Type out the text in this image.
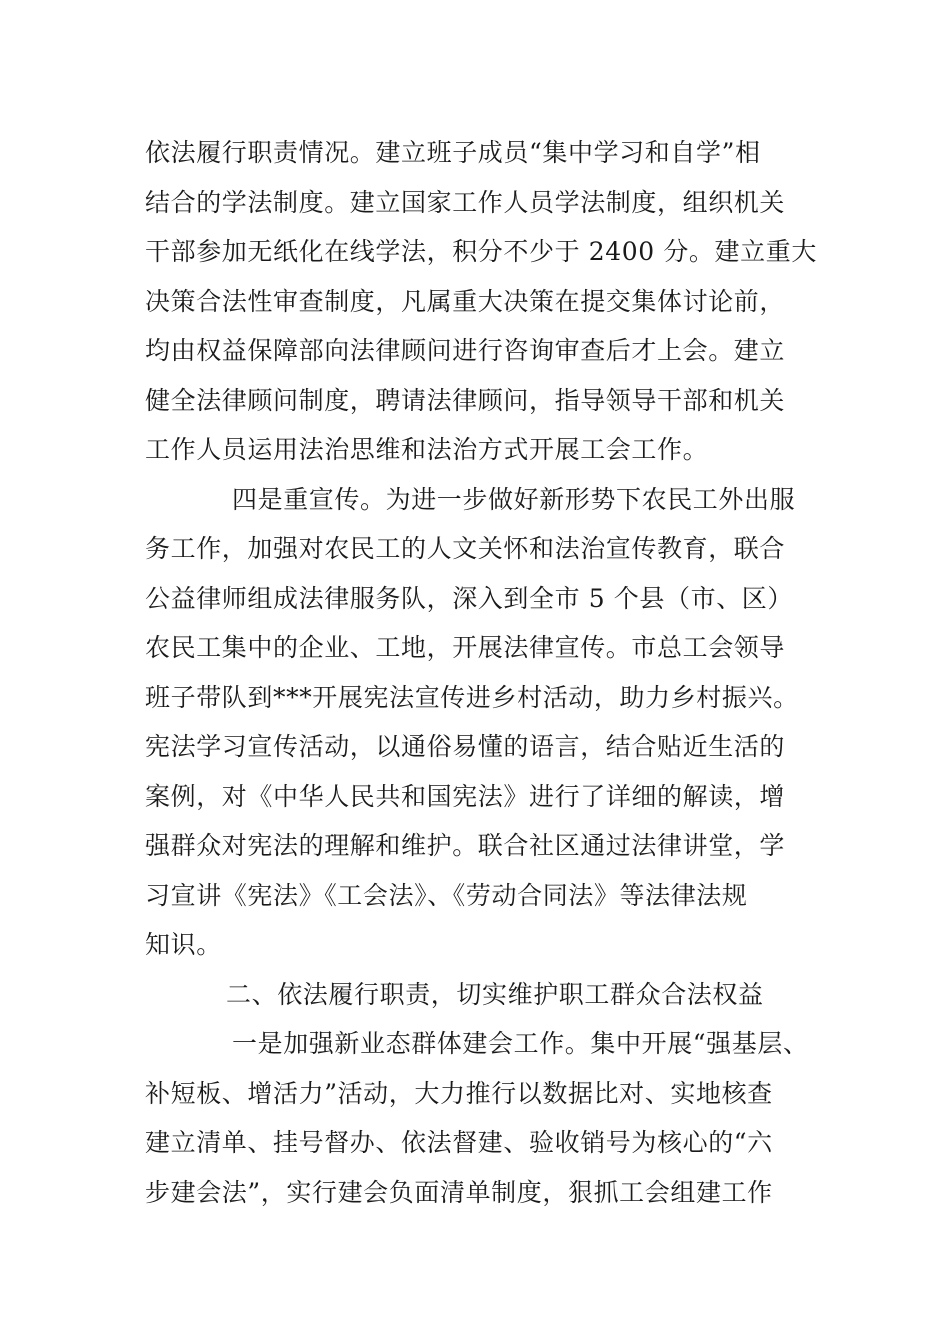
依法履行职责情况。建立班子成员“集中学习和自学”相
结合的学法制度。建立国家工作人员学法制度，组织机关
干部参加无纸化在线学法，积分不少于 2400 分。建立重大
决策合法性审查制度，凡属重大决策在提交集体讨论前，
均由权益保障部向法律顾问进行咨询审查后才上会。建立
健全法律顾问制度，聘请法律顾问，指导领导干部和机关
工作人员运用法治思维和法治方式开展工会工作。
四是重宣传。为进一步做好新形势下农民工外出服
务工作，加强对农民工的人文关怀和法治宣传教育，联合
公益律师组成法律服务队，深入到全市 5 个县（市、区）
农民工集中的企业、工地，开展法律宣传。市总工会领导
班子带队到***开展宪法宣传进乡村活动，助力乡村振兴。
宪法学习宣传活动，以通俗易懂的语言，结合贴近生活的
案例，对《中华人民共和国宪法》进行了详细的解读，增
强群众对宪法的理解和维护。联合社区通过法律讲堂，学
习宣讲《宪法》《工会法》、《劳动合同法》等法律法规
知识。
二、依法履行职责，切实维护职工群众合法权益
一是加强新业态群体建会工作。集中开展“强基层、
补短板、增活力”活动，大力推行以数据比对、实地核查
建立清单、挂号督办、依法督建、验收销号为核心的“六
步建会法”，实行建会负面清单制度，狠抓工会组建工作
